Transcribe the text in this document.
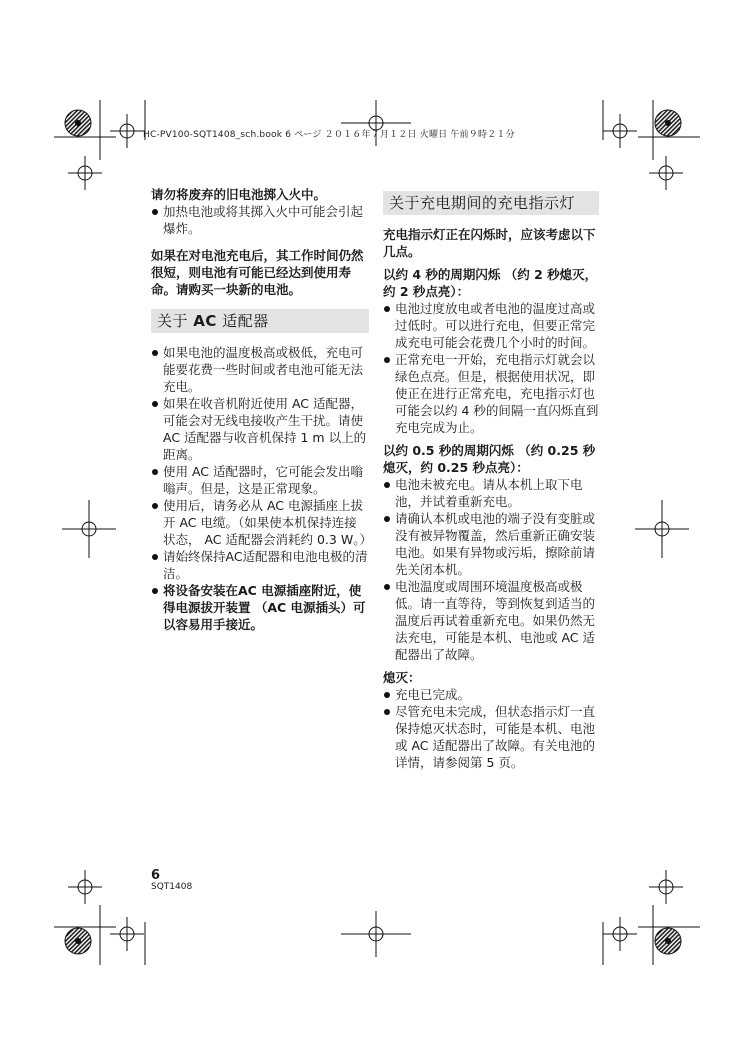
HC-PV100-SQT1408_sch.book 6 ページ ２０１６年７月１２日 火曜日 午前９時２１分
请勿将废弃的旧电池掷入火中。
加热电池或将其掷入火中可能会引起爆炸。
如果在对电池充电后，其工作时间仍然很短，则电池有可能已经达到使用寿命。请购买一块新的电池。
关于 AC 适配器
如果电池的温度极高或极低，充电可能要花费一些时间或者电池可能无法充电。
如果在收音机附近使用 AC 适配器，可能会对无线电接收产生干扰。请使 AC 适配器与收音机保持 1 m 以上的距离。
使用 AC 适配器时，它可能会发出嗡嗡声。但是，这是正常现象。
使用后，请务必从 AC 电源插座上拔开 AC 电缆。（如果使本机保持连接状态， AC 适配器会消耗约 0.3 W。）
请始终保持AC适配器和电池电极的清洁。
将设备安装在AC 电源插座附近，使得电源拔开装置 （AC 电源插头）可以容易用手接近。
关于充电期间的充电指示灯
充电指示灯正在闪烁时，应该考虑以下几点。
以约 4 秒的周期闪烁 （约 2 秒熄灭，约 2 秒点亮）：
电池过度放电或者电池的温度过高或过低时。可以进行充电，但要正常完成充电可能会花费几个小时的时间。
正常充电一开始，充电指示灯就会以绿色点亮。但是，根据使用状况，即使正在进行正常充电，充电指示灯也可能会以约 4 秒的间隔一直闪烁直到充电完成为止。
以约 0.5 秒的周期闪烁 （约 0.25 秒熄灭，约 0.25 秒点亮）：
电池未被充电。请从本机上取下电池，并试着重新充电。
请确认本机或电池的端子没有变脏或没有被异物覆盖，然后重新正确安装电池。如果有异物或污垢，擦除前请先关闭本机。
电池温度或周围环境温度极高或极低。请一直等待，等到恢复到适当的温度后再试着重新充电。如果仍然无法充电，可能是本机、电池或 AC 适配器出了故障。
熄灭：
充电已完成。
尽管充电未完成，但状态指示灯一直保持熄灭状态时，可能是本机、电池或 AC 适配器出了故障。有关电池的详情，请参阅第 5 页。
6
SQT1408
